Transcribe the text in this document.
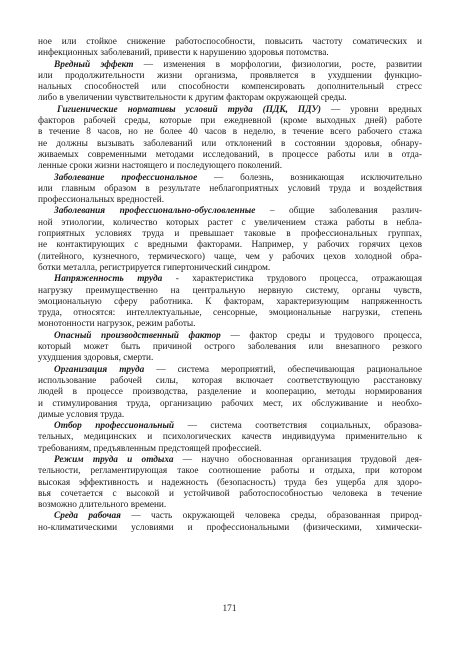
ное или стойкое снижение работоспособности, повысить частоту соматических и
инфекционных заболеваний, привести к нарушению здоровья потомства.
Вредный эффект — изменения в морфологии, физиологии, росте, развитии
или продолжительности жизни организма, проявляется в ухудшении функцио-
нальных способностей или способности компенсировать дополнительный стресс
либо в увеличении чувствительности к другим факторам окружающей среды.
Гигиенические нормативы условий труда (ПДК, ПДУ) — уровни вредных
факторов рабочей среды, которые при ежедневной (кроме выходных дней) работе
в течение 8 часов, но не более 40 часов в неделю, в течение всего рабочего стажа
не должны вызывать заболеваний или отклонений в состоянии здоровья, обнару-
живаемых современными методами исследований, в процессе работы или в отда-
ленные сроки жизни настоящего и последующего поколений.
Заболевание профессиональное — болезнь, возникающая исключительно
или главным образом в результате неблагоприятных условий труда и воздействия
профессиональных вредностей.
Заболевания профессионально-обусловленные – общие заболевания различ-
ной этиологии, количество которых растет с увеличением стажа работы в небла-
гоприятных условиях труда и превышает таковые в профессиональных группах,
не контактирующих с вредными факторами. Например, у рабочих горячих цехов
(литейного, кузнечного, термического) чаще, чем у рабочих цехов холодной обра-
ботки металла, регистрируется гипертонический синдром.
Напряженность труда - характеристика трудового процесса, отражающая
нагрузку преимущественно на центральную нервную систему, органы чувств,
эмоциональную сферу работника. К факторам, характеризующим напряженность
труда, относятся: интеллектуальные, сенсорные, эмоциональные нагрузки, степень
монотонности нагрузок, режим работы.
Опасный производственный фактор — фактор среды и трудового процесса,
который может быть причиной острого заболевания или внезапного резкого
ухудшения здоровья, смерти.
Организация труда — система мероприятий, обеспечивающая рациональное
использование рабочей силы, которая включает соответствующую расстановку
людей в процессе производства, разделение и кооперацию, методы нормирования
и стимулирования труда, организацию рабочих мест, их обслуживание и необхо-
димые условия труда.
Отбор профессиональный — система соответствия социальных, образова-
тельных, медицинских и психологических качеств индивидуума применительно к
требованиям, предъявленным предстоящей профессией.
Режим труда и отдыха — научно обоснованная организация трудовой дея-
тельности, регламентирующая такое соотношение работы и отдыха, при котором
высокая эффективность и надежность (безопасность) труда без ущерба для здоро-
вья сочетается с высокой и устойчивой работоспособностью человека в течение
возможно длительного времени.
Среда рабочая — часть окружающей человека среды, образованная природ-
но-климатическими условиями и профессиональными (физическими, химически-
171
